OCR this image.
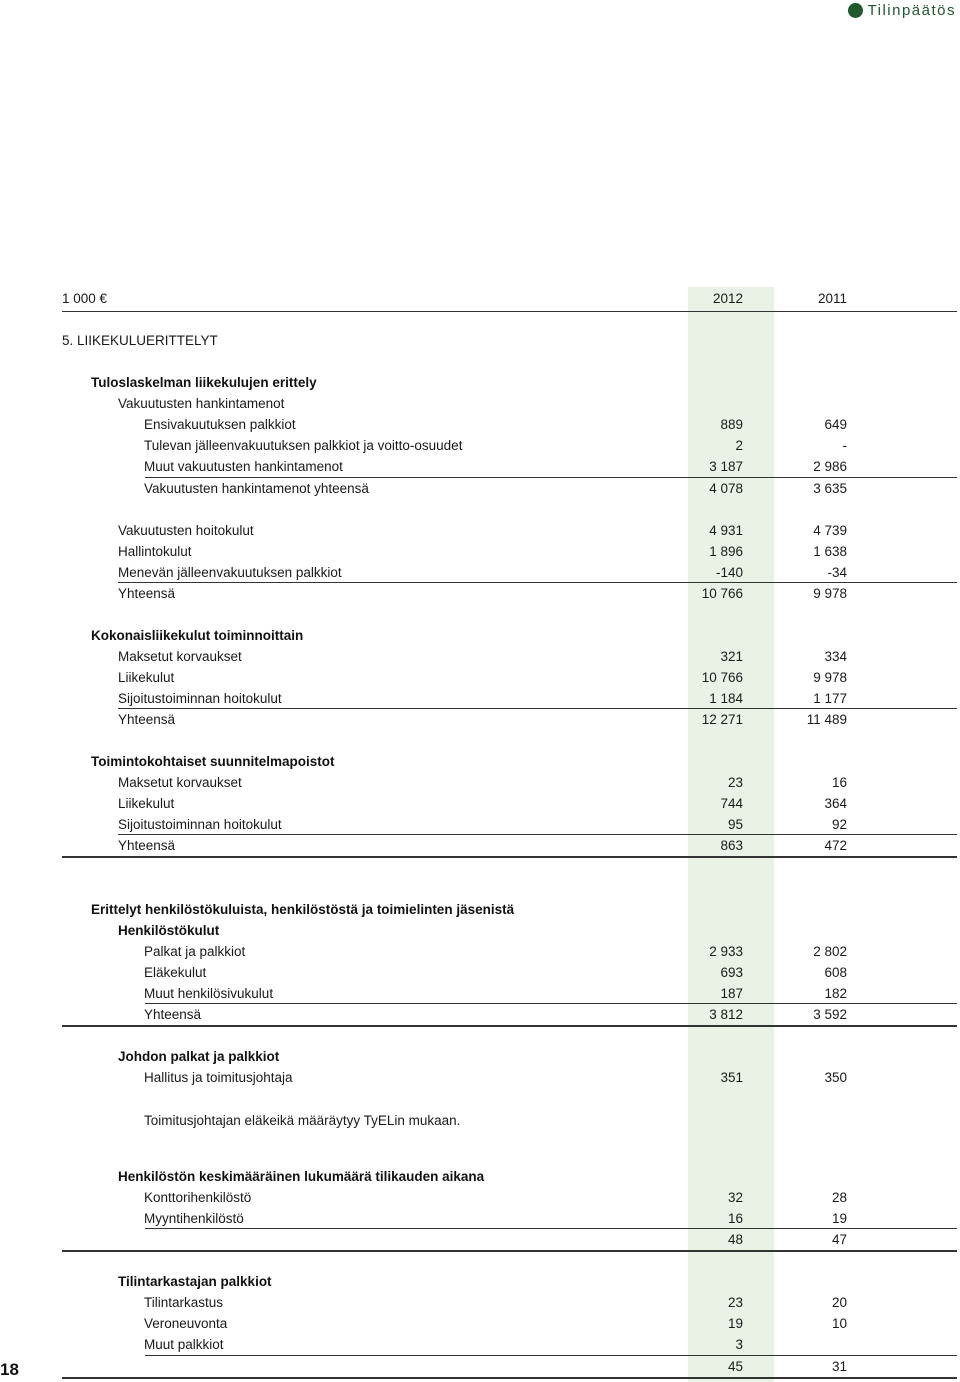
Tilinpäätös
1 000 €	2012	2011
5. LIIKEKULUERITTELYT
Tuloslaskelman liikekulujen erittely
Vakuutusten hankintamenot
Ensivakuutuksen palkkiot	889	649
Tulevan jälleenvakuutuksen palkkiot ja voitto-osuudet	2	-
Muut vakuutusten hankintamenot	3 187	2 986
Vakuutusten hankintamenot yhteensä	4 078	3 635
Vakuutusten hoitokulut	4 931	4 739
Hallintokulut	1 896	1 638
Menevän jälleenvakuutuksen palkkiot	-140	-34
Yhteensä	10 766	9 978
Kokonaisliikekulut toiminnoittain
Maksetut korvaukset	321	334
Liikekulut	10 766	9 978
Sijoitustoiminnan hoitokulut	1 184	1 177
Yhteensä	12 271	11 489
Toimintokohtaiset suunnitelmapoistot
Maksetut korvaukset	23	16
Liikekulut	744	364
Sijoitustoiminnan hoitokulut	95	92
Yhteensä	863	472
Erittelyt henkilöstökuluista, henkilöstöstä ja toimielinten jäsenistä
Henkilöstökulut
Palkat ja palkkiot	2 933	2 802
Eläkekulut	693	608
Muut henkilösivukulut	187	182
Yhteensä	3 812	3 592
Johdon palkat ja palkkiot
Hallitus ja toimitusjohtaja	351	350
Toimitusjohtajan eläkeikä määräytyy TyELin mukaan.
Henkilöstön keskimääräinen lukumäärä tilikauden aikana
Konttorihenkilöstö	32	28
Myyntihenkilöstö	16	19
48	47
Tilintarkastajan palkkiot
Tilintarkastus	23	20
Veroneuvonta	19	10
Muut palkkiot	3
45	31
18
